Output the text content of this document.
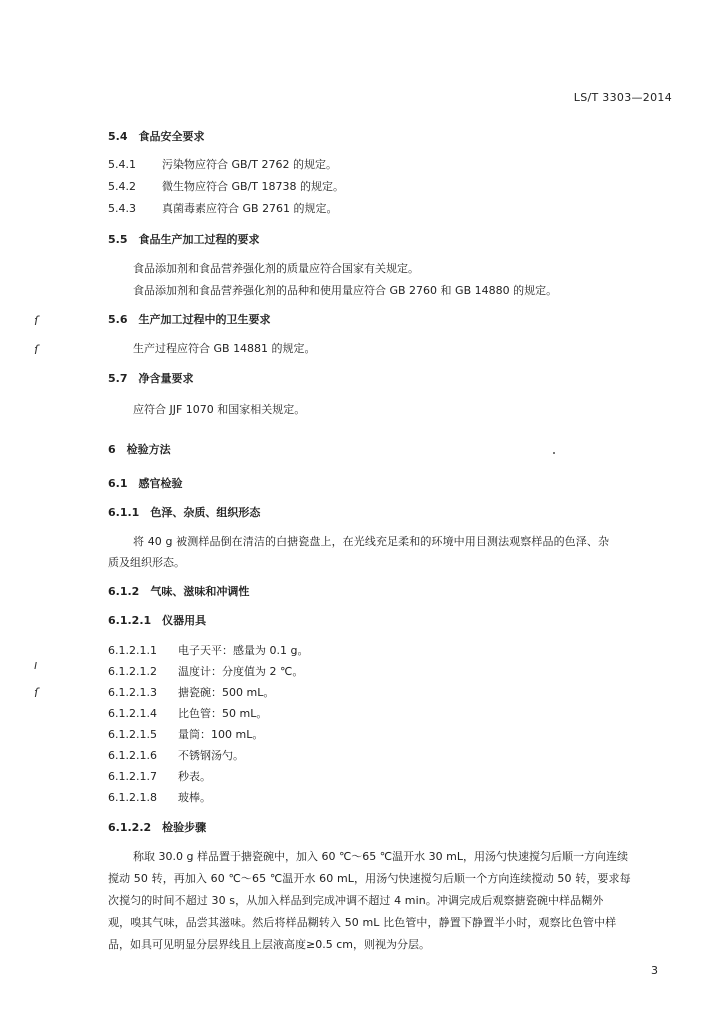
LS/T 3303—2014
5.4　食品安全要求
5.4.1 污染物应符合 GB/T 2762 的规定。
5.4.2 微生物应符合 GB/T 18738 的规定。
5.4.3 真菌毒素应符合 GB 2761 的规定。
5.5　食品生产加工过程的要求
食品添加剂和食品营养强化剂的质量应符合国家有关规定。
食品添加剂和食品营养强化剂的品种和使用量应符合 GB 2760 和 GB 14880 的规定。
5.6　生产加工过程中的卫生要求
生产过程应符合 GB 14881 的规定。
5.7　净含量要求
应符合 JJF 1070 和国家相关规定。
6　检验方法
6.1　感官检验
6.1.1　色泽、杂质、组织形态
将 40 g 被测样品倒在清洁的白搪瓷盘上，在光线充足柔和的环境中用目测法观察样品的色泽、杂
质及组织形态。
6.1.2　气味、滋味和冲调性
6.1.2.1　仪器用具
6.1.2.1.1 电子天平：感量为 0.1 g。
6.1.2.1.2 温度计：分度值为 2 ℃。
6.1.2.1.3 搪瓷碗：500 mL。
6.1.2.1.4 比色管：50 mL。
6.1.2.1.5 量筒：100 mL。
6.1.2.1.6 不锈钢汤勺。
6.1.2.1.7 秒表。
6.1.2.1.8 玻棒。
6.1.2.2　检验步骤
称取 30.0 g 样品置于搪瓷碗中，加入 60 ℃～65 ℃温开水 30 mL，用汤勺快速搅匀后顺一方向连续
搅动 50 转，再加入 60 ℃～65 ℃温开水 60 mL，用汤勺快速搅匀后顺一个方向连续搅动 50 转，要求每
次搅匀的时间不超过 30 s，从加入样品到完成冲调不超过 4 min。冲调完成后观察搪瓷碗中样品糊外
观，嗅其气味，品尝其滋味。然后将样品糊转入 50 mL 比色管中，静置下静置半小时，观察比色管中样
品，如具可见明显分层界线且上层液高度≥0.5 cm，则视为分层。
3
ſ
ſ
ı
ſ
